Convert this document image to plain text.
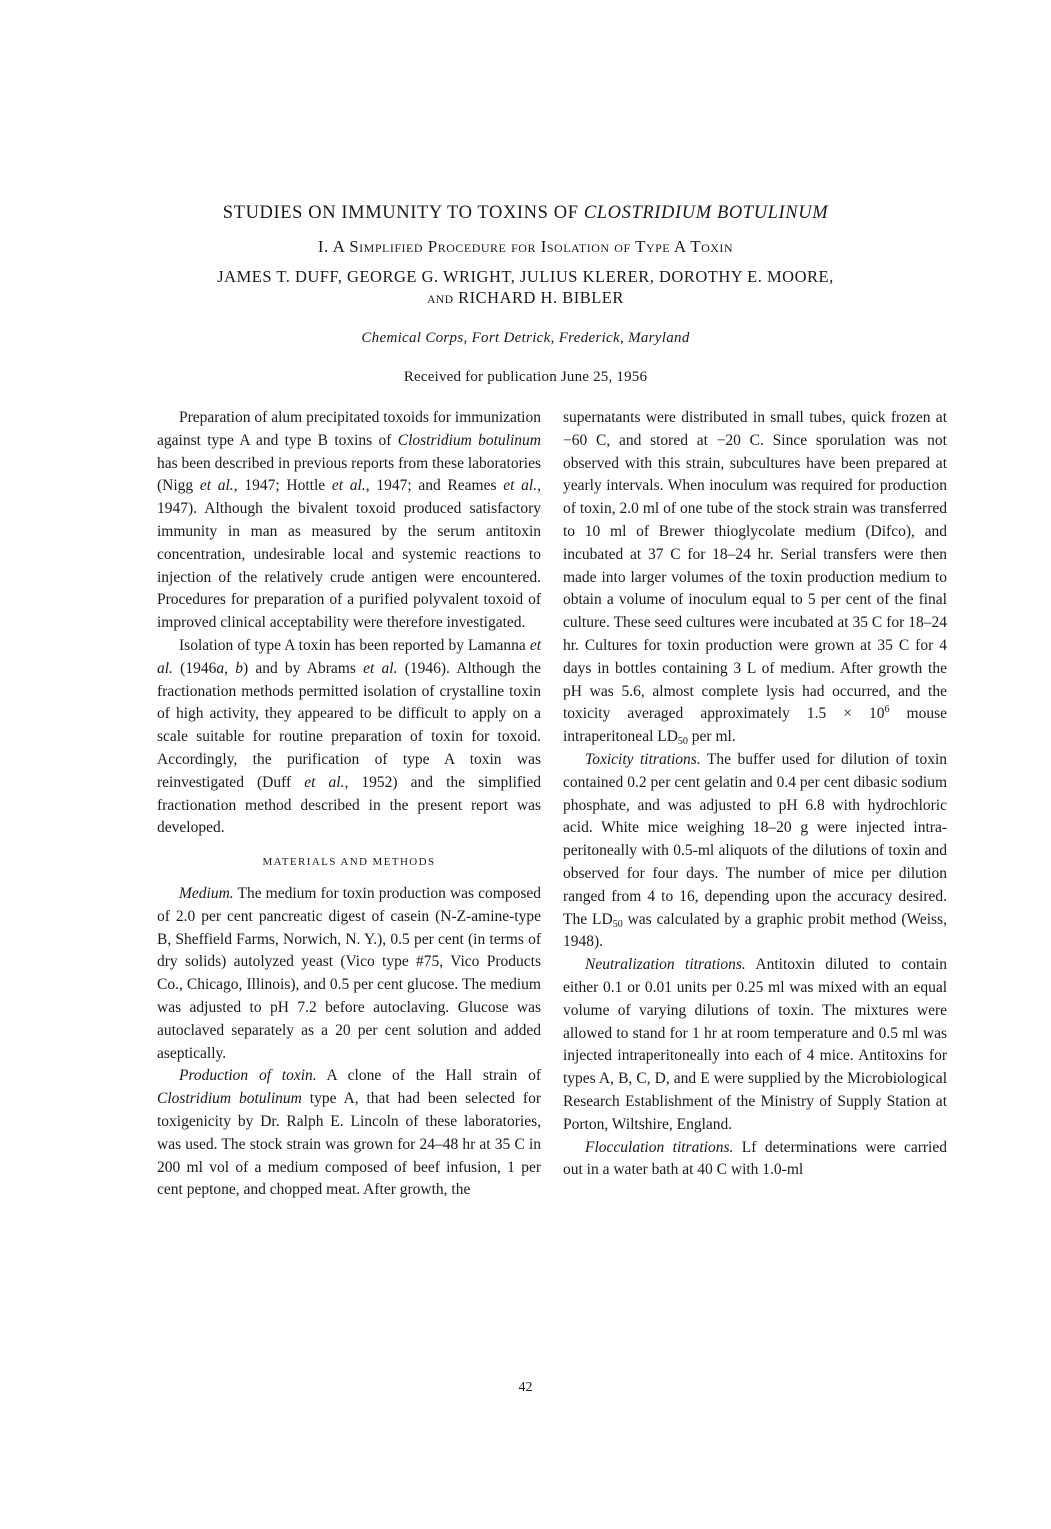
STUDIES ON IMMUNITY TO TOXINS OF CLOSTRIDIUM BOTULINUM
I. A Simplified Procedure for Isolation of Type A Toxin
JAMES T. DUFF, GEORGE G. WRIGHT, JULIUS KLERER, DOROTHY E. MOORE,
AND RICHARD H. BIBLER
Chemical Corps, Fort Detrick, Frederick, Maryland
Received for publication June 25, 1956

Preparation of alum precipitated toxoids for immunization against type A and type B toxins of Clostridium botulinum has been described in previous reports from these laboratories (Nigg et al., 1947; Hottle et al., 1947; and Reames et al., 1947). Although the bivalent toxoid produced satisfactory immunity in man as measured by the serum antitoxin concentration, undesirable local and systemic reactions to injection of the relatively crude antigen were encountered. Procedures for preparation of a purified polyvalent toxoid of improved clinical acceptability were therefore investigated.

Isolation of type A toxin has been reported by Lamanna et al. (1946a, b) and by Abrams et al. (1946). Although the fractionation methods permitted isolation of crystalline toxin of high activity, they appeared to be difficult to apply on a scale suitable for routine preparation of toxin for toxoid. Accordingly, the purification of type A toxin was reinvestigated (Duff et al., 1952) and the simplified fractionation method described in the present report was developed.

MATERIALS AND METHODS

Medium. The medium for toxin production was composed of 2.0 per cent pancreatic digest of casein (N-Z-amine-type B, Sheffield Farms, Norwich, N. Y.), 0.5 per cent (in terms of dry solids) autolyzed yeast (Vico type #75, Vico Products Co., Chicago, Illinois), and 0.5 per cent glucose. The medium was adjusted to pH 7.2 before autoclaving. Glucose was autoclaved separately as a 20 per cent solution and added aseptically.

Production of toxin. A clone of the Hall strain of Clostridium botulinum type A, that had been selected for toxigenicity by Dr. Ralph E. Lincoln of these laboratories, was used. The stock strain was grown for 24–48 hr at 35 C in 200 ml vol of a medium composed of beef infusion, 1 per cent peptone, and chopped meat. After growth, the

supernatants were distributed in small tubes, quick frozen at −60 C, and stored at −20 C. Since sporulation was not observed with this strain, subcultures have been prepared at yearly intervals. When inoculum was required for production of toxin, 2.0 ml of one tube of the stock strain was transferred to 10 ml of Brewer thioglycolate medium (Difco), and incubated at 37 C for 18–24 hr. Serial transfers were then made into larger volumes of the toxin production medium to obtain a volume of inoculum equal to 5 per cent of the final culture. These seed cultures were incubated at 35 C for 18–24 hr. Cultures for toxin production were grown at 35 C for 4 days in bottles containing 3 L of medium. After growth the pH was 5.6, almost complete lysis had occurred, and the toxicity averaged approximately $1.5 \times 10^6$ mouse intraperitoneal $LD_{50}$ per ml.

Toxicity titrations. The buffer used for dilution of toxin contained 0.2 per cent gelatin and 0.4 per cent dibasic sodium phosphate, and was adjusted to pH 6.8 with hydrochloric acid. White mice weighing 18–20 g were injected intraperitoneally with 0.5-ml aliquots of the dilutions of toxin and observed for four days. The number of mice per dilution ranged from 4 to 16, depending upon the accuracy desired. The $LD_{50}$ was calculated by a graphic probit method (Weiss, 1948).

Neutralization titrations. Antitoxin diluted to contain either 0.1 or 0.01 units per 0.25 ml was mixed with an equal volume of varying dilutions of toxin. The mixtures were allowed to stand for 1 hr at room temperature and 0.5 ml was injected intraperitoneally into each of 4 mice. Antitoxins for types A, B, C, D, and E were supplied by the Microbiological Research Establishment of the Ministry of Supply Station at Porton, Wiltshire, England.

Flocculation titrations. Lf determinations were carried out in a water bath at 40 C with 1.0-ml

42
